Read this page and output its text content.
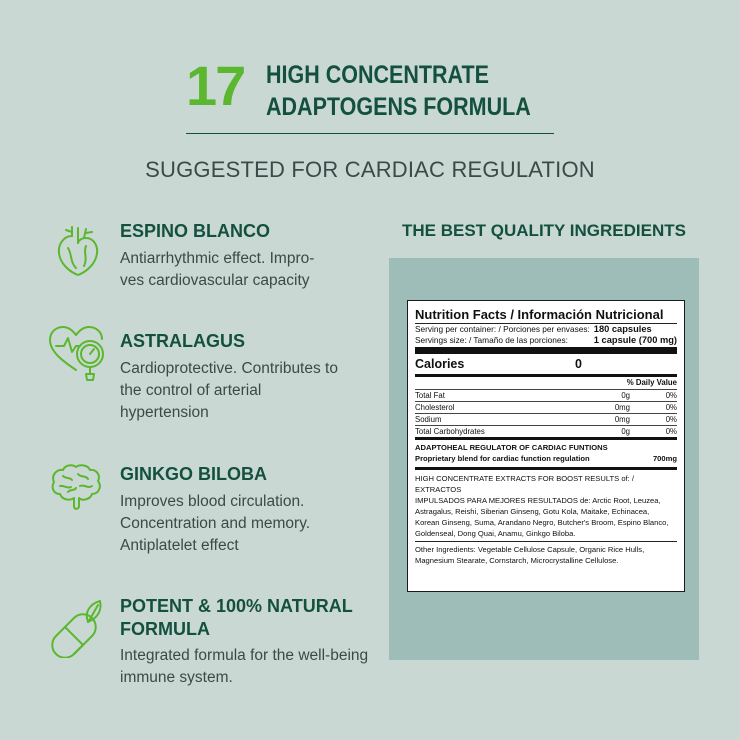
17 HIGH CONCENTRATE
ADAPTOGENS FORMULA
SUGGESTED FOR CARDIAC REGULATION
ESPINO BLANCO
Antiarrhythmic effect. Impro-
ves cardiovascular capacity
ASTRALAGUS
Cardioprotective. Contributes to
the control of arterial
hypertension
GINKGO BILOBA
Improves blood circulation.
Concentration and memory.
Antiplatelet effect
POTENT & 100% NATURAL
FORMULA
Integrated formula for the well-being
immune system.
THE BEST QUALITY INGREDIENTS
Nutrition Facts / Información Nutricional
Serving per container: / Porciones per envases: 180 capsules
Servings size: / Tamaño de las porciones:	1 capsule (700 mg)
Calories	0
% Daily Value
Total Fat	0g	0%
Cholesterol	0mg	0%
Sodium	0mg	0%
Total Carbohydrates	0g	0%
ADAPTOHEAL REGULATOR OF CARDIAC FUNTIONS
Proprietary blend for cardiac function regulation	700mg
HIGH CONCENTRATE EXTRACTS FOR BOOST RESULTS of: / EXTRACTOS
IMPULSADOS PARA MEJORES RESULTADOS de: Arctic Root, Leuzea,
Astragalus, Reishi, Siberian Ginseng, Gotu Kola, Maitake, Echinacea,
Korean Ginseng, Suma, Arandano Negro, Butcher's Broom, Espino Blanco,
Goldenseal, Dong Quai, Anamu, Ginkgo Biloba.
Other Ingredients: Vegetable Cellulose Capsule, Organic Rice Hulls,
Magnesium Stearate, Cornstarch, Microcrystalline Cellulose.
